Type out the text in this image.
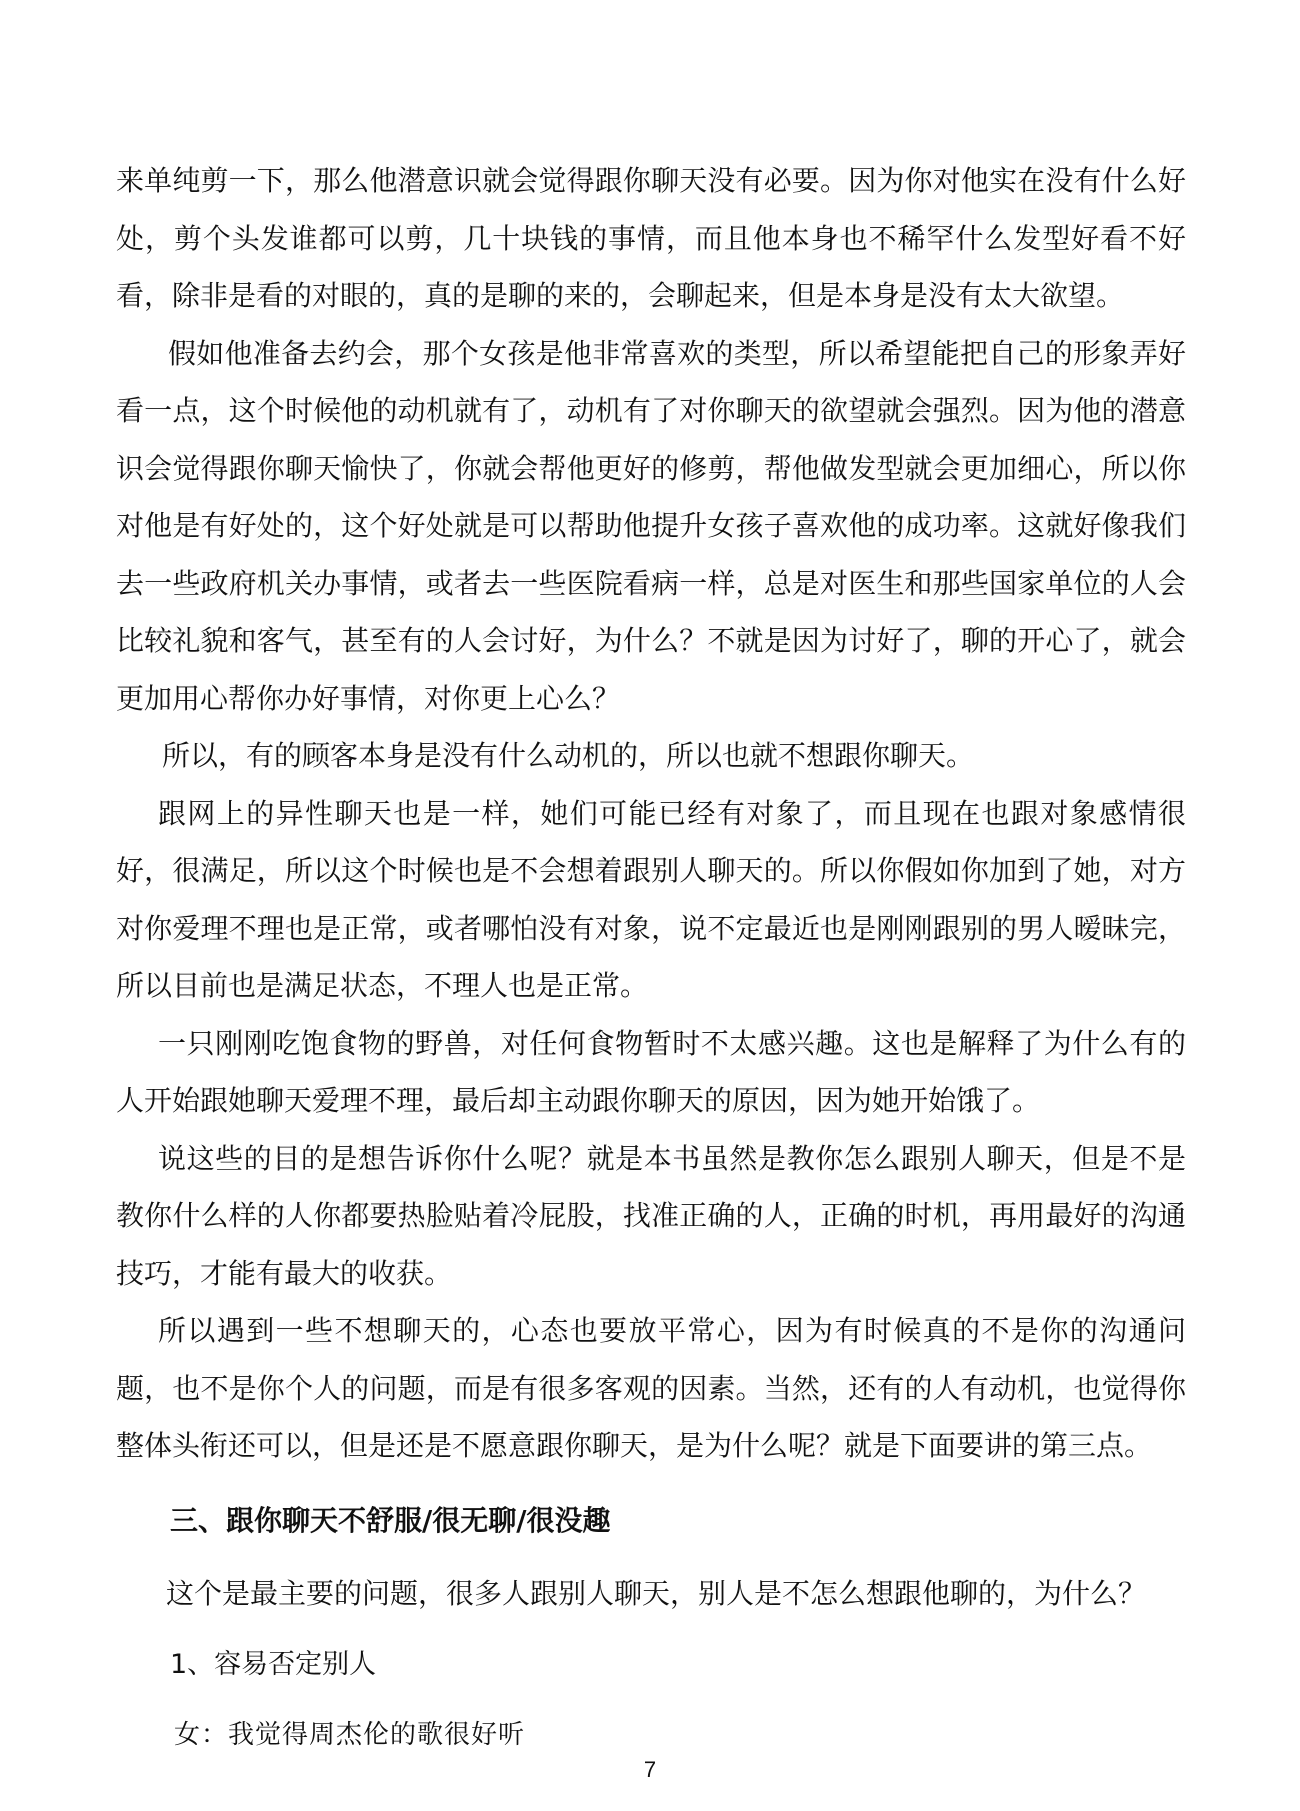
来单纯剪一下，那么他潜意识就会觉得跟你聊天没有必要。因为你对他实在没有什么好处，剪个头发谁都可以剪，几十块钱的事情，而且他本身也不稀罕什么发型好看不好看，除非是看的对眼的，真的是聊的来的，会聊起来，但是本身是没有太大欲望。

假如他准备去约会，那个女孩是他非常喜欢的类型，所以希望能把自己的形象弄好看一点，这个时候他的动机就有了，动机有了对你聊天的欲望就会强烈。因为他的潜意识会觉得跟你聊天愉快了，你就会帮他更好的修剪，帮他做发型就会更加细心，所以你对他是有好处的，这个好处就是可以帮助他提升女孩子喜欢他的成功率。这就好像我们去一些政府机关办事情，或者去一些医院看病一样，总是对医生和那些国家单位的人会比较礼貌和客气，甚至有的人会讨好，为什么？不就是因为讨好了，聊的开心了，就会更加用心帮你办好事情，对你更上心么？

所以，有的顾客本身是没有什么动机的，所以也就不想跟你聊天。

跟网上的异性聊天也是一样，她们可能已经有对象了，而且现在也跟对象感情很好，很满足，所以这个时候也是不会想着跟别人聊天的。所以你假如你加到了她，对方对你爱理不理也是正常，或者哪怕没有对象，说不定最近也是刚刚跟别的男人暧昧完，所以目前也是满足状态，不理人也是正常。

一只刚刚吃饱食物的野兽，对任何食物暂时不太感兴趣。这也是解释了为什么有的人开始跟她聊天爱理不理，最后却主动跟你聊天的原因，因为她开始饿了。

说这些的目的是想告诉你什么呢？就是本书虽然是教你怎么跟别人聊天，但是不是教你什么样的人你都要热脸贴着冷屁股，找准正确的人，正确的时机，再用最好的沟通技巧，才能有最大的收获。

所以遇到一些不想聊天的，心态也要放平常心，因为有时候真的不是你的沟通问题，也不是你个人的问题，而是有很多客观的因素。当然，还有的人有动机，也觉得你整体头衔还可以，但是还是不愿意跟你聊天，是为什么呢？就是下面要讲的第三点。

三、跟你聊天不舒服/很无聊/很没趣

这个是最主要的问题，很多人跟别人聊天，别人是不怎么想跟他聊的，为什么？

1、容易否定别人

女：我觉得周杰伦的歌很好听

7
